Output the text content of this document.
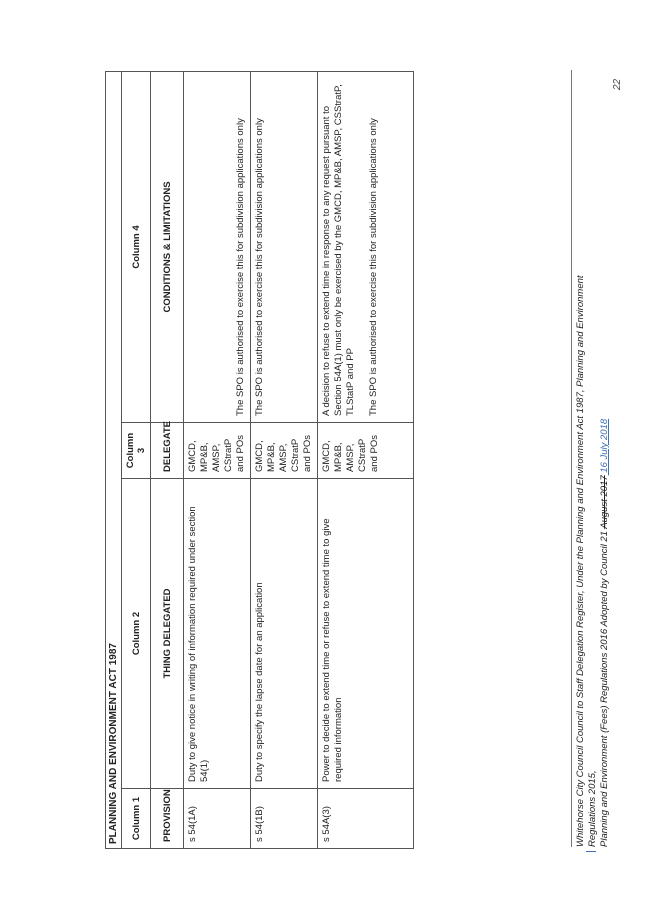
PLANNING AND ENVIRONMENT ACT 1987			
Column 1	Column 2	Column 3	Column 4
PROVISION	THING DELEGATED	DELEGATE	CONDITIONS & LIMITATIONS
s 54(1A)	Duty to give notice in writing of information required under section 54(1)	GMCD, MP&B, AMSP, CStratP and POs	The SPO is authorised to exercise this for subdivision applications only

s 54(1B)	Duty to specify the lapse date for an application	GMCD, MP&B, AMSP, CStratP and POs	The SPO is authorised to exercise this for subdivision applications only

s 54A(3)	Power to decide to extend time or refuse to extend time to give required information	GMCD, MP&B, AMSP, CStratP and POs	A decision to refuse to extend time in response to any request pursuant to Section 54A(1) must only be exercised by the GMCD, MP&B, AMSP, CSStratP, TLStatP and PP The SPO is authorised to exercise this for subdivision applications only

Whitehorse City Council Council to Staff Delegation Register, Under the Planning and Environment Act 1987, Planning and Environment Regulations 2015, Planning and Environment (Fees) Regulations 2016 Adopted by Council 21 August 2017 16 July 2018
22
